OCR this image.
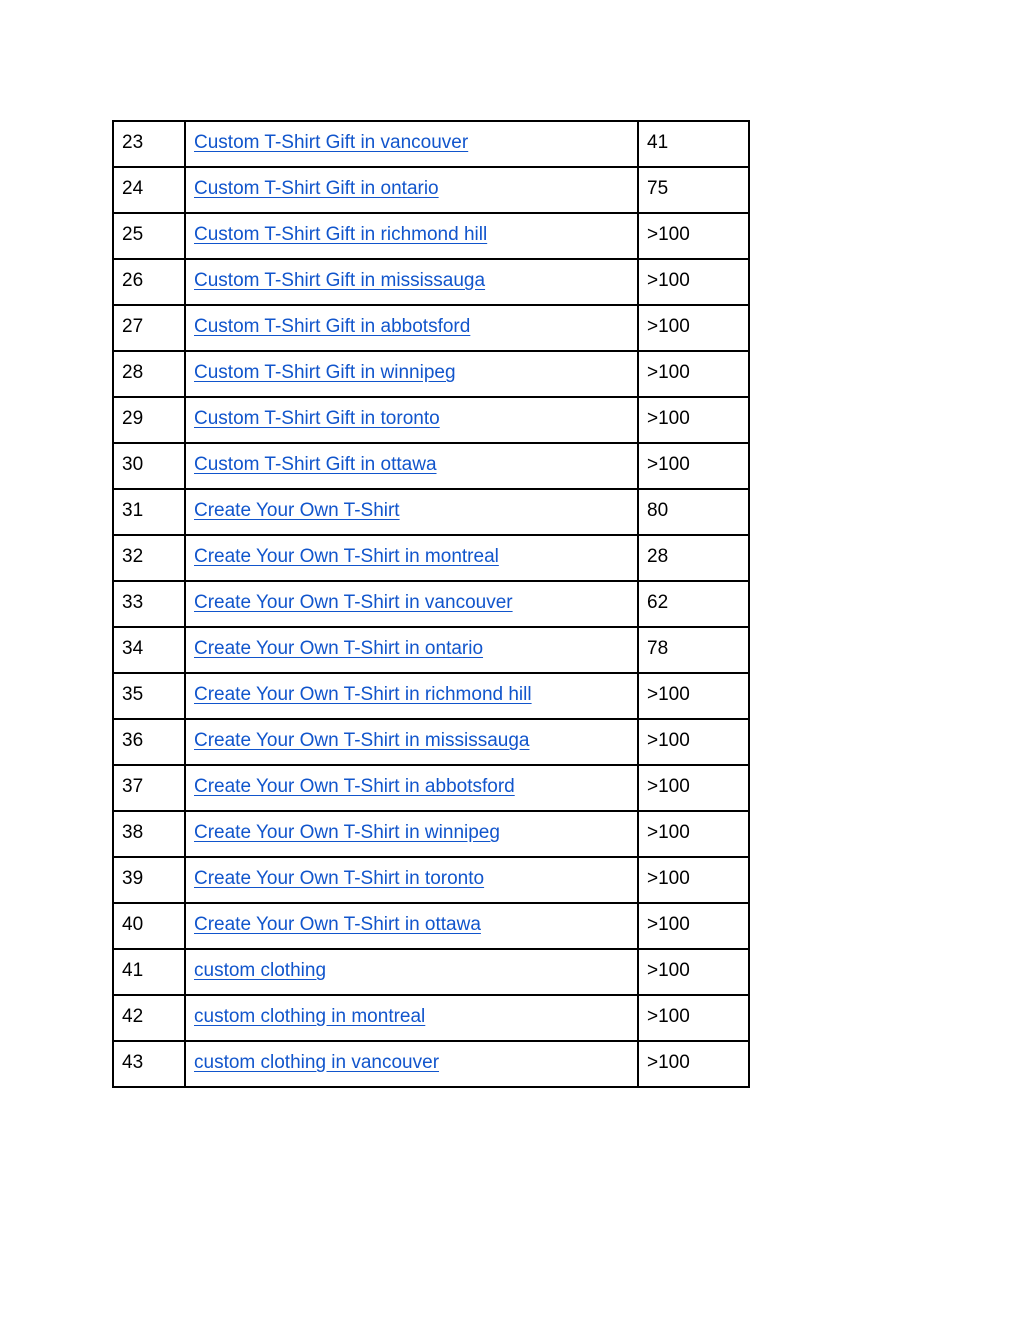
23	Custom T-Shirt Gift in vancouver	41

24	Custom T-Shirt Gift in ontario	75

25	Custom T-Shirt Gift in richmond hill	>100

26	Custom T-Shirt Gift in mississauga	>100

27	Custom T-Shirt Gift in abbotsford	>100

28	Custom T-Shirt Gift in winnipeg	>100

29	Custom T-Shirt Gift in toronto	>100

30	Custom T-Shirt Gift in ottawa	>100

31	Create Your Own T-Shirt	80

32	Create Your Own T-Shirt in montreal	28

33	Create Your Own T-Shirt in vancouver	62

34	Create Your Own T-Shirt in ontario	78

35	Create Your Own T-Shirt in richmond hill	>100

36	Create Your Own T-Shirt in mississauga	>100

37	Create Your Own T-Shirt in abbotsford	>100

38	Create Your Own T-Shirt in winnipeg	>100

39	Create Your Own T-Shirt in toronto	>100

40	Create Your Own T-Shirt in ottawa	>100

41	custom clothing	>100

42	custom clothing in montreal	>100

43	custom clothing in vancouver	>100
